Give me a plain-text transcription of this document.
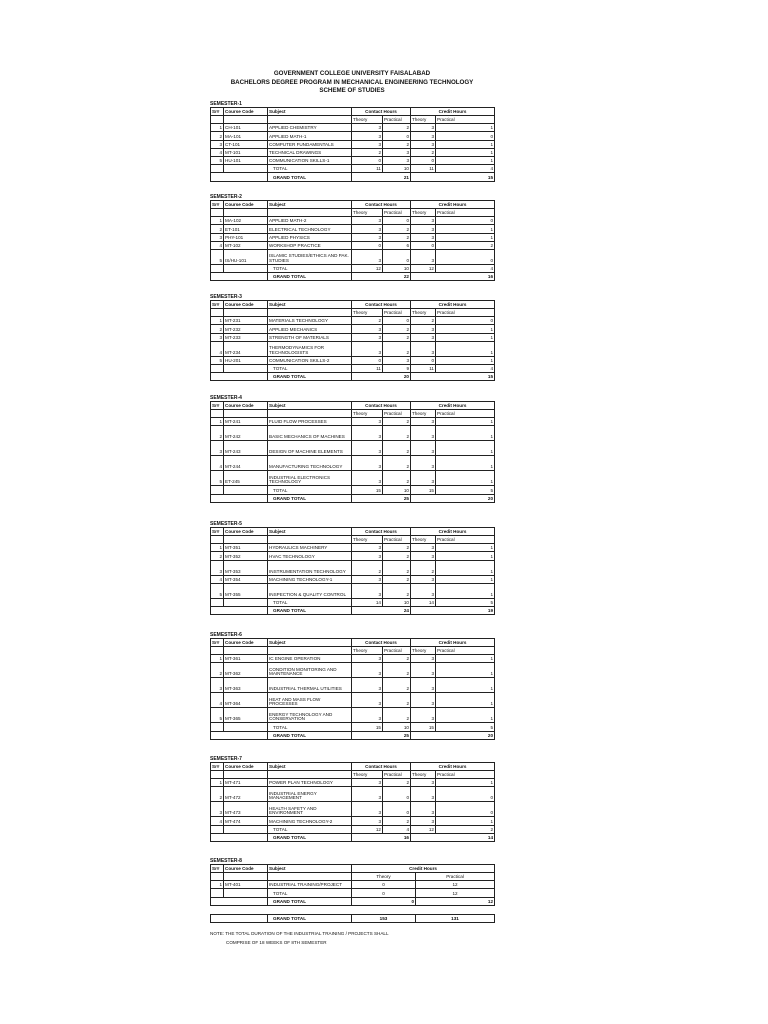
GOVERNMENT COLLEGE UNIVERSITY FAISALABAD
BACHELORS DEGREE PROGRAM IN MECHANICAL ENGINEERING TECHNOLOGY
SCHEME OF STUDIES
SEMESTER-1
Sr#	Course Code	Subject	Contact Hours		Credit Hours	
			Theory	Practical	Theory	Practical
1	CH-101	APPLIED CHEMISTRY	3	2	3	1
2	MA-101	APPLIED MATH-1	3	0	3	0
3	CT-101	COMPUTER FUNDAMENTALS	3	2	3	1
4	MT-101	TECHNICAL DRAWINGS	2	3	2	1
5	HU-101	COMMUNICATION SKILLS-1	0	3	0	1
		TOTAL	11	10	11	4
		GRAND TOTAL	21		15	
SEMESTER-2
Sr#	Course Code	Subject	Contact Hours		Credit Hours	
			Theory	Practical	Theory	Practical
1	MA-102	APPLIED MATH-2	3	0	3	0
2	ET-101	ELECTRICAL TECHNOLOGY	3	2	3	1
3	PHY-101	APPLIED PHYSICS	3	2	3	1
4	MT-102	WORKSHOP PRACTICE	0	6	0	2
5	IS/HU-101	ISLAMIC STUDIES/ETHICS AND PAK. STUDIES	3	0	3	0
		TOTAL	12	10	12	4
		GRAND TOTAL	22		16	
SEMESTER-3
Sr#	Course Code	Subject	Contact Hours		Credit Hours	
			Theory	Practical	Theory	Practical
1	MT-231	MATERIALS TECHNOLOGY	2	0	2	0
2	MT-232	APPLIED MECHANICS	3	2	3	1
3	MT-233	STRENGTH OF MATERIALS	3	2	3	1
4	MT-234	THERMODYNAMICS FOR TECHNOLOGISTS	3	2	3	1
5	HU-201	COMMUNICATION SKILLS-2	0	3	0	1
		TOTAL	11	9	11	4
		GRAND TOTAL	20		15	
SEMESTER-4
Sr#	Course Code	Subject	Contact Hours		Credit Hours	
			Theory	Practical	Theory	Practical
1	MT-241	FLUID FLOW PROCESSES	3	2	3	1
2	MT-242	BASIC MECHANICS OF MACHINES	3	2	3	1
3	MT-243	DESIGN OF MACHINE ELEMENTS	3	2	3	1
4	MT-244	MANUFACTURING TECHNOLOGY	3	2	3	1
5	ET-245	INDUSTRIAL ELECTRONICS TECHNOLOGY	3	2	3	1
		TOTAL	15	10	15	5
		GRAND TOTAL	25		20	
SEMESTER-5
Sr#	Course Code	Subject	Contact Hours		Credit Hours	
			Theory	Practical	Theory	Practical
1	MT-351	HYDRAULICS MACHINERY	3	2	3	1
2	MT-352	HVAC TECHNOLOGY	3	2	3	1
3	MT-353	INSTRUMENTATION TECHNOLOGY	2	2	2	1
4	MT-354	MACHINING TECHNOLOGY-1	3	2	3	1
5	MT-355	INSPECTION & QUALITY CONTROL	3	2	3	1
		TOTAL	14	10	14	5
		GRAND TOTAL	24		19	
SEMESTER-6
Sr#	Course Code	Subject	Contact Hours		Credit Hours	
			Theory	Practical	Theory	Practical
1	MT-361	IC ENGINE OPERATION	3	2	3	1
2	MT-362	CONDITION MONITORING AND MAINTENANCE	3	2	3	1
3	MT-363	INDUSTRIAL THERMAL UTILITIES	3	2	3	1
4	MT-364	HEAT AND MASS FLOW PROCESSES	3	2	3	1
5	MT-365	ENERGY TECHNOLOGY AND CONSERVATION	3	2	3	1
		TOTAL	15	10	15	5
		GRAND TOTAL	25		20	
SEMESTER-7
Sr#	Course Code	Subject	Contact Hours		Credit Hours	
			Theory	Practical	Theory	Practical
1	MT-471	POWER PLAN TECHNOLOGY	3	2	3	1
2	MT-472	INDUSTRIAL ENERGY MANAGEMENT	3	0	3	0
3	MT-473	HEALTH SAFETY AND ENVIRONMENT	3	0	3	0
4	MT-474	MACHINING TECHNOLOGY-2	3	2	3	1
		TOTAL	12	4	12	2
		GRAND TOTAL	16		14	
SEMESTER-8
Sr#	Course Code	Subject	Credit Hours	
			Theory	Practical
1	MT-401	INDUSTRIAL TRAINING/PROJECT	0	12
		TOTAL	0	12
		GRAND TOTAL	0	12
	GRAND TOTAL	153	131
NOTE: THE TOTAL DURATION OF THE INDUSTRIAL TRAINING / PROJECTS SHALL
COMPRISE OF 18 WEEKS OF 8TH SEMESTER
